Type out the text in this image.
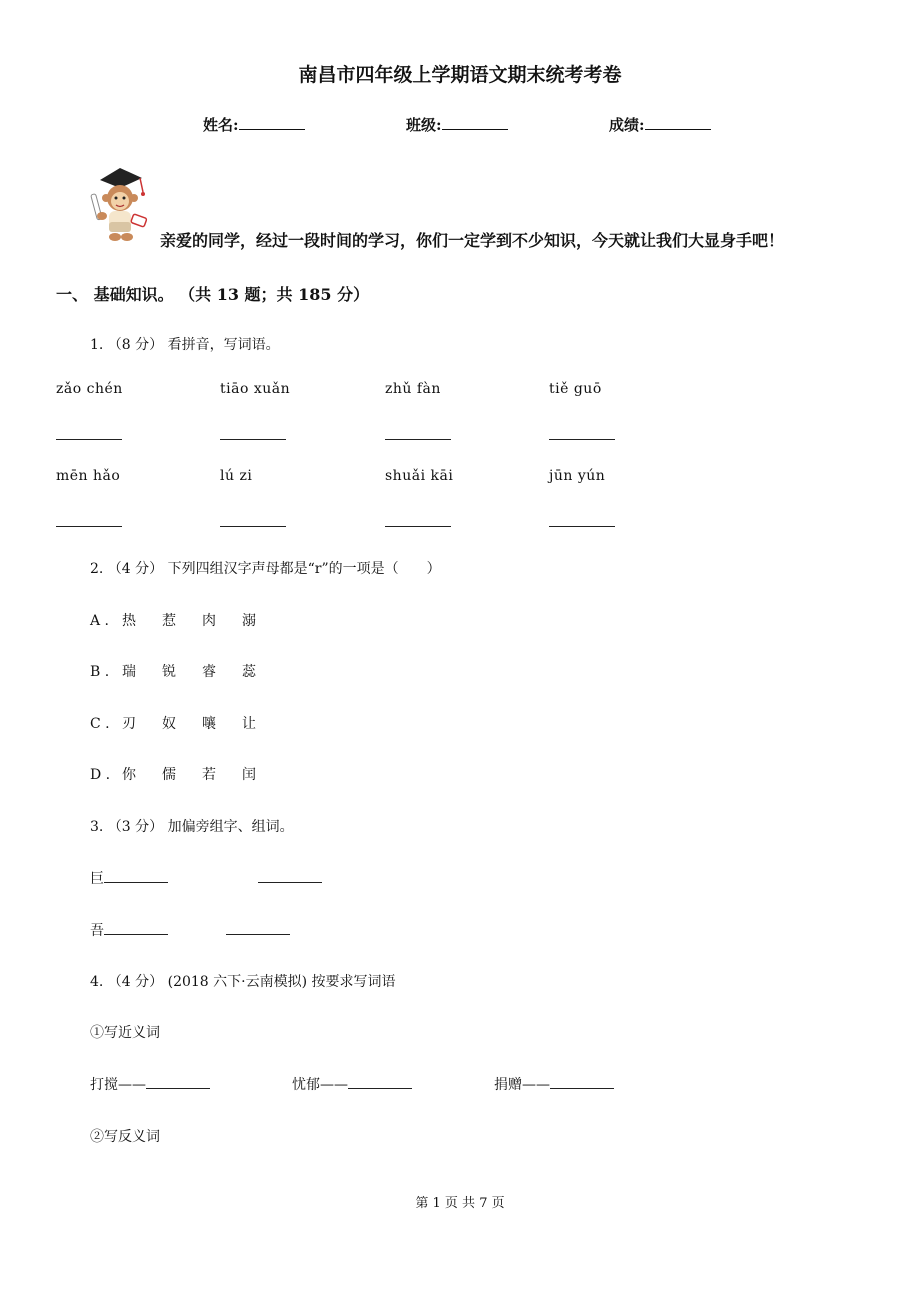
南昌市四年级上学期语文期末统考考卷
姓名:	班级:	成绩:
亲爱的同学，经过一段时间的学习，你们一定学到不少知识，今天就让我们大显身手吧！
一、 基础知识。 （共 13 题；共 185 分）
1. （8 分） 看拼音，写词语。
zǎo chén	tiāo xuǎn	zhǔ fàn	tiě guō
mēn hǎo	lú zi	shuǎi kāi	jūn yún
2. （4 分） 下列四组汉字声母都是“r”的一项是（　　）
A . 热 惹 肉 溺
B . 瑞 锐 睿 蕊
C . 刃 奴 嚷 让
D . 你 儒 若 闰
3. （3 分） 加偏旁组字、组词。
巨
吾
4. （4 分） (2018 六下·云南模拟) 按要求写词语
①写近义词
打搅——	忧郁——	捐赠——
②写反义词
第 1 页 共 7 页
